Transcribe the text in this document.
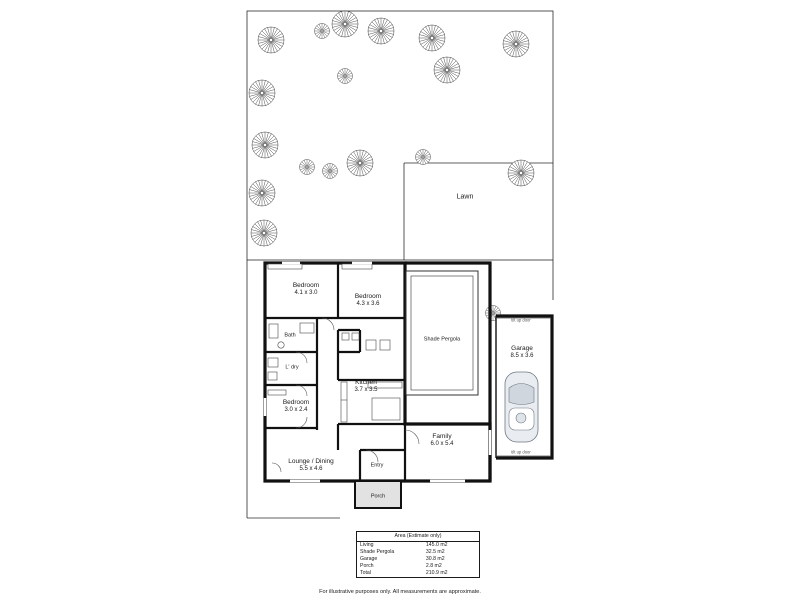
Lawn
Bedroom
4.1 x 3.0	Bedroom
4.3 x 3.6
Bath
L' dry
Bedroom
3.0 x 2.4
Kitchen
3.7 x 3.5
Lounge / Dining
5.5 x 4.6
Entry
Porch
Family
6.0 x 5.4
Shade Pergola
Garage
8.5 x 3.6
tilt up door
tilt up door
Area (Estimate only)
Living	145.0 m2
Shade Pergola	32.5 m2
Garage	30.8 m2
Porch	2.8 m2
Total	210.9 m2
For illustrative purposes only. All measurements are approximate.
